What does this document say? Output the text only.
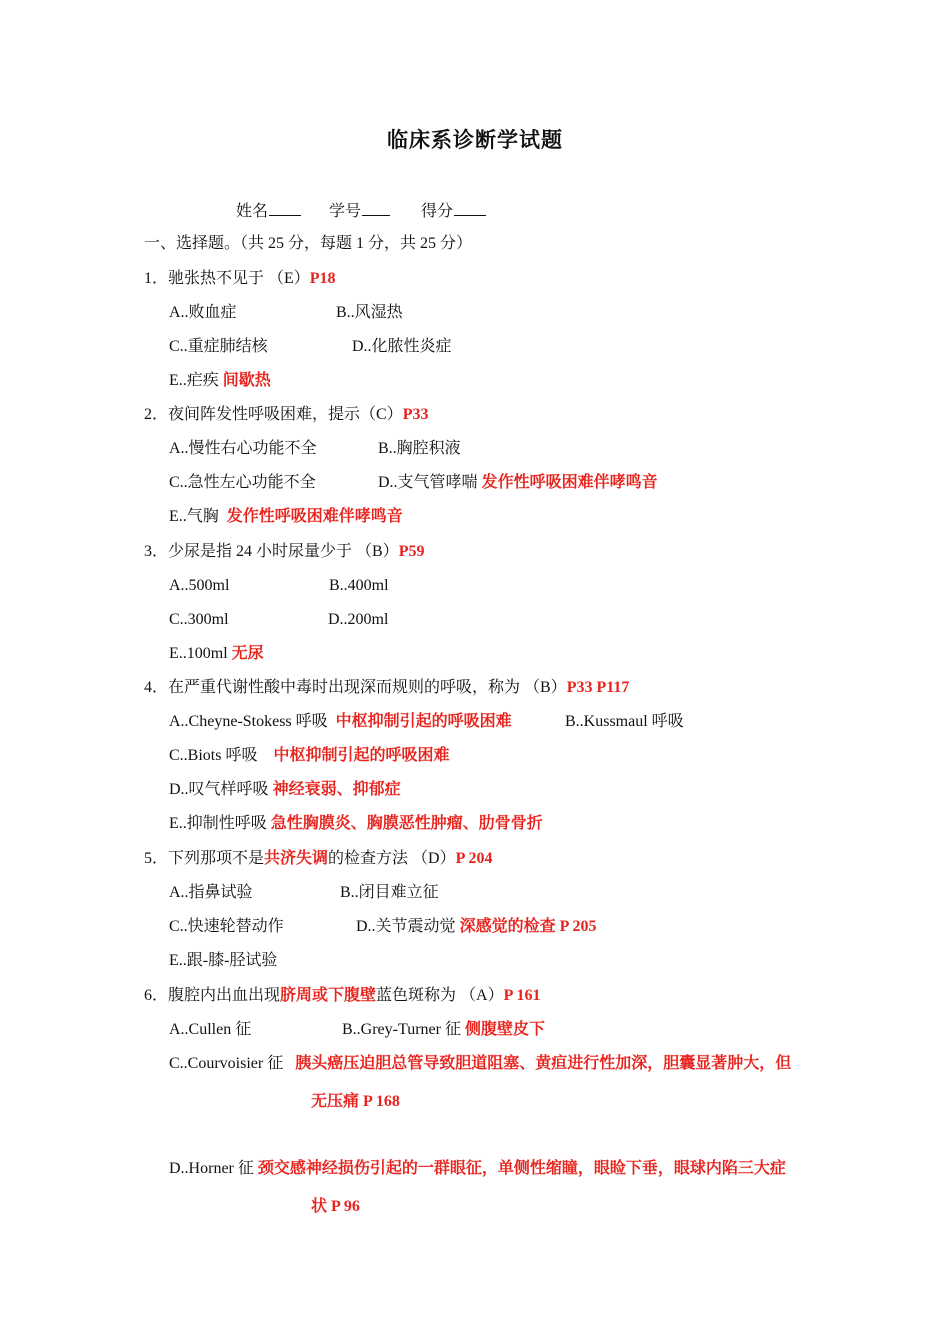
临床系诊断学试题
姓名	学号	得分
一、选择题。（共 25 分，每题 1 分，共 25 分）
1．驰张热不见于 （E）P18
A..败血症	B..风湿热
C..重症肺结核	D..化脓性炎症
E..疟疾 间歇热
2．夜间阵发性呼吸困难，提示（C）P33
A..慢性右心功能不全	B..胸腔积液
C..急性左心功能不全	D..支气管哮喘 发作性呼吸困难伴哮鸣音
E..气胸 发作性呼吸困难伴哮鸣音
3．少尿是指 24 小时尿量少于 （B）P59
A..500ml	B..400ml
C..300ml	D..200ml
E..100ml 无尿
4．在严重代谢性酸中毒时出现深而规则的呼吸，称为 （B）P33 P117
A..Cheyne-Stokess 呼吸 中枢抑制引起的呼吸困难	B..Kussmaul 呼吸
C..Biots 呼吸 中枢抑制引起的呼吸困难
D..叹气样呼吸 神经衰弱、抑郁症
E..抑制性呼吸 急性胸膜炎、胸膜恶性肿瘤、肋骨骨折
5．下列那项不是共济失调的检查方法 （D）P 204
A..指鼻试验	B..闭目难立征
C..快速轮替动作	D..关节震动觉 深感觉的检查 P 205
E..跟-膝-胫试验
6．腹腔内出血出现脐周或下腹壁蓝色斑称为 （A）P 161
A..Cullen 征	B..Grey-Turner 征 侧腹壁皮下
C..Courvoisier 征 胰头癌压迫胆总管导致胆道阻塞、黄疸进行性加深，胆囊显著肿大，但
无压痛 P 168
D..Horner 征 颈交感神经损伤引起的一群眼征，单侧性缩瞳，眼睑下垂，眼球内陷三大症
状 P 96
